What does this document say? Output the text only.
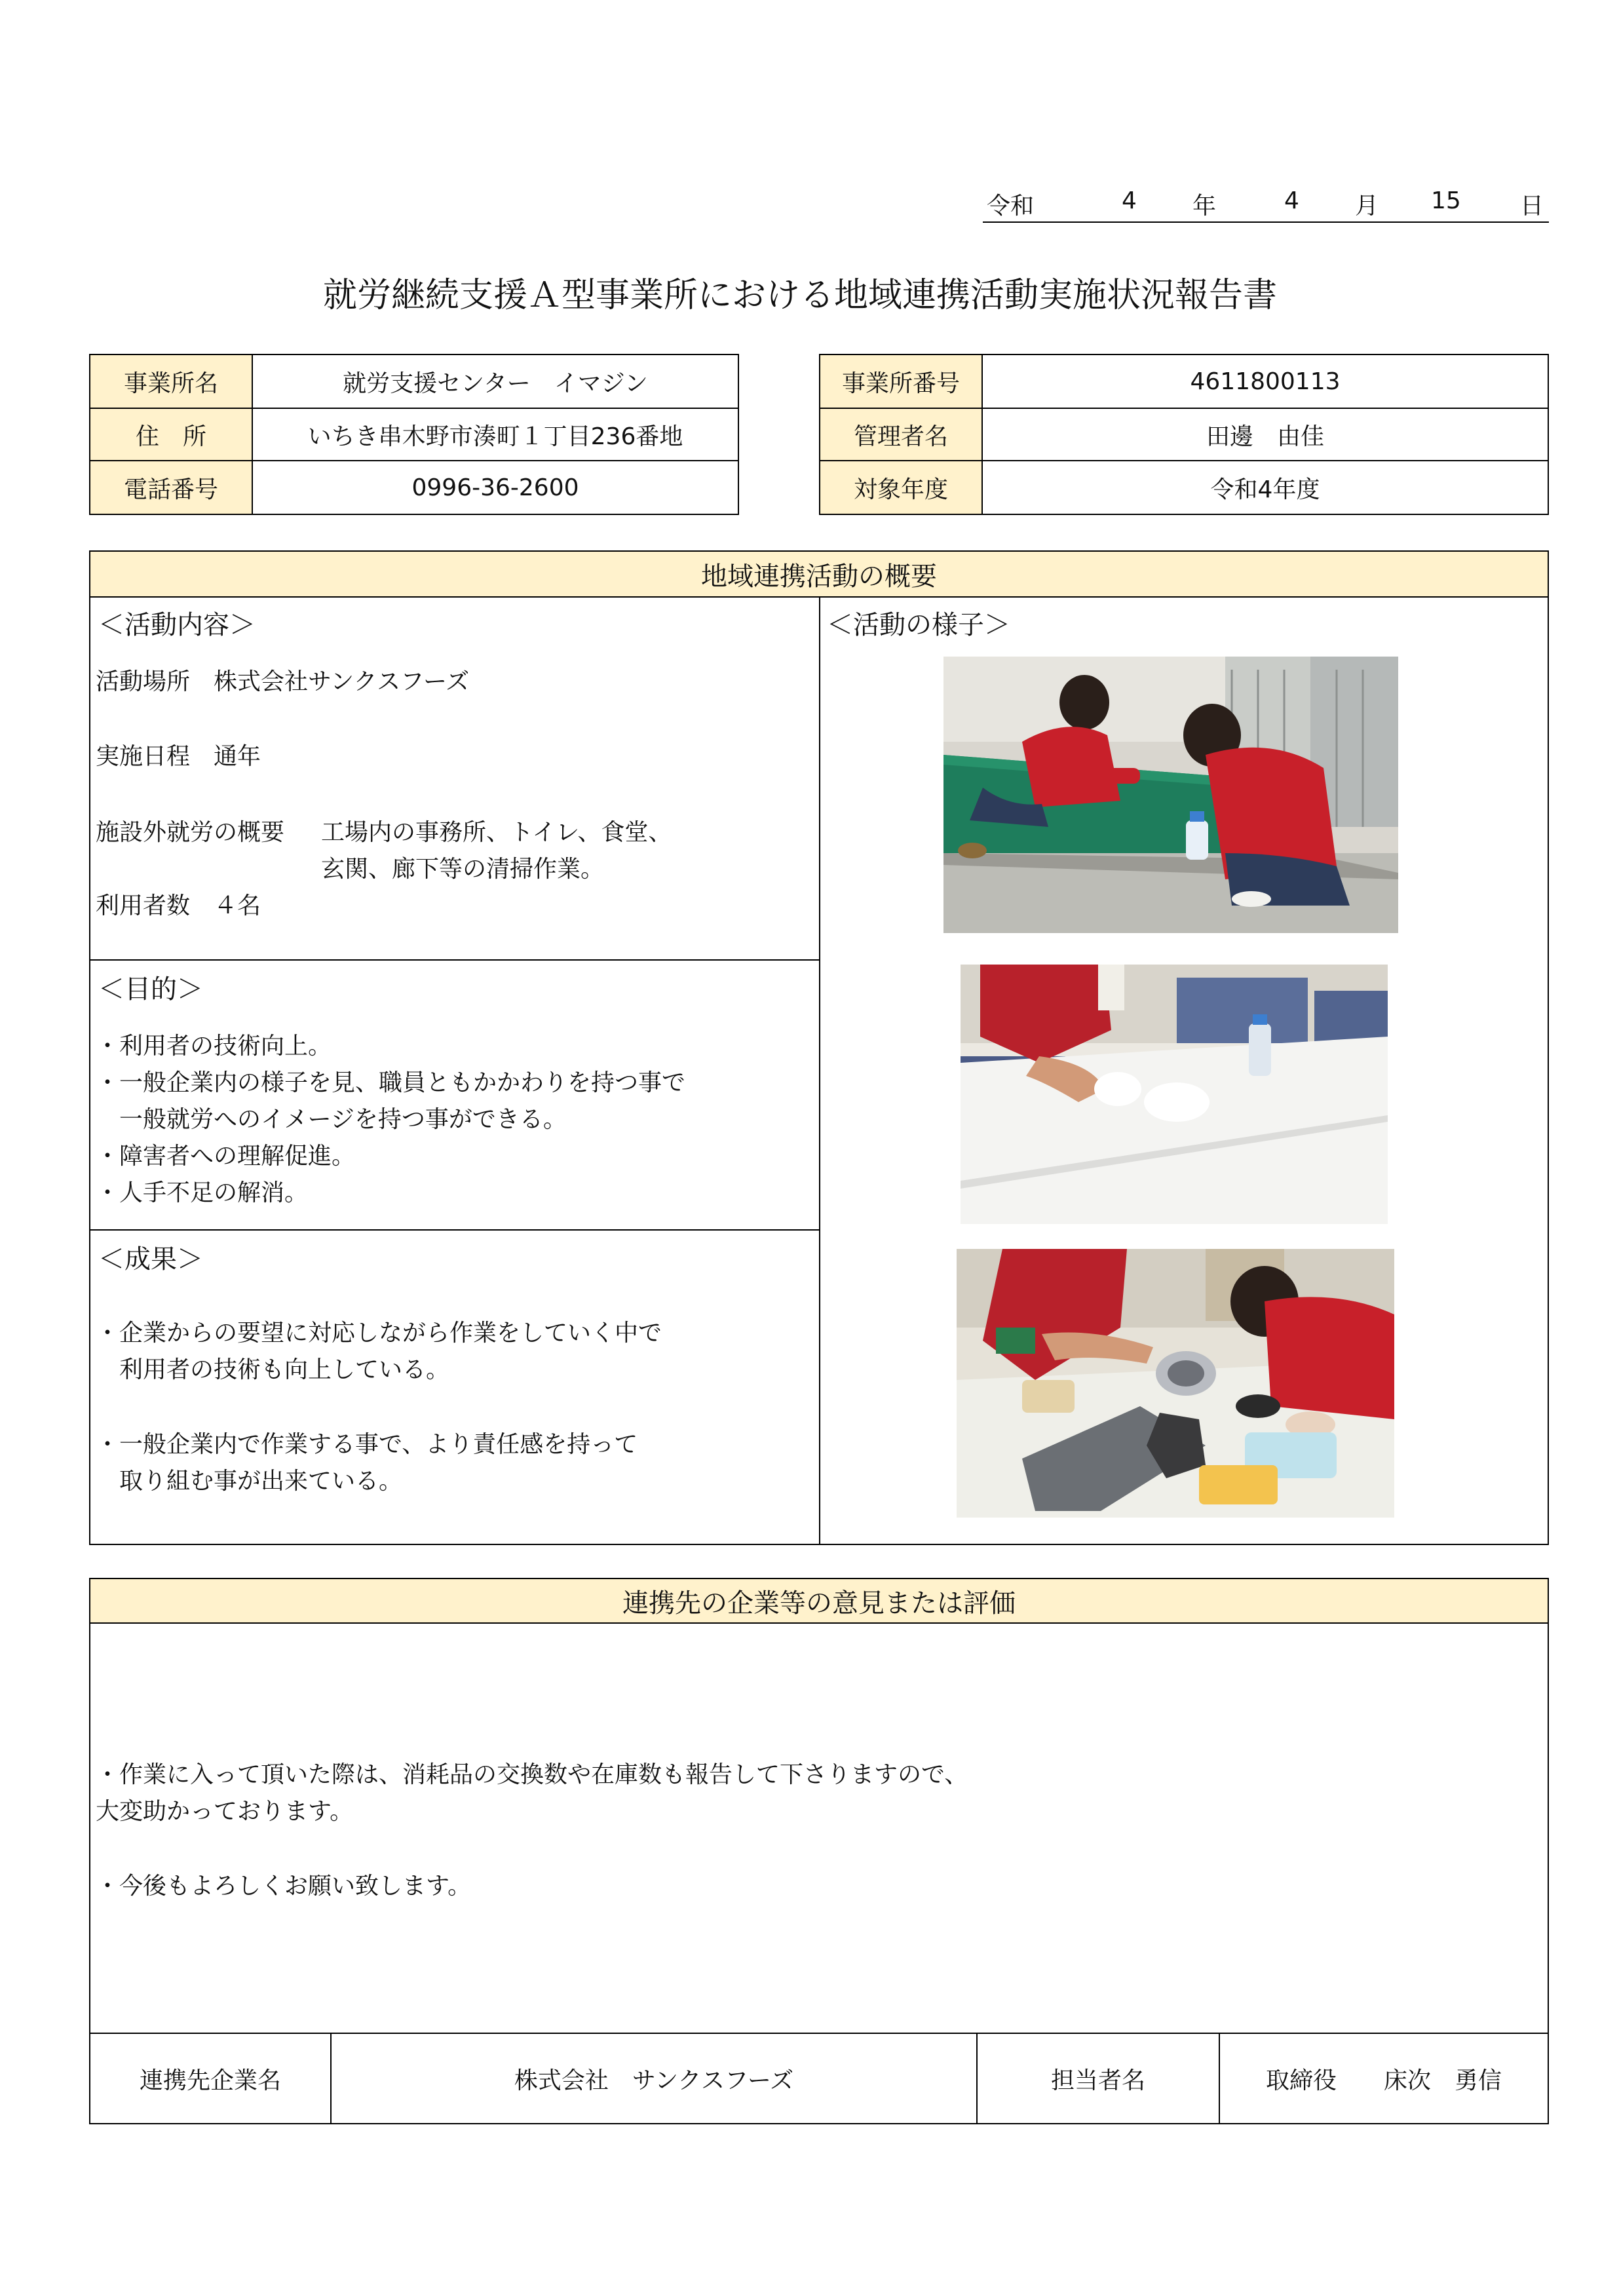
令和	4 年	4 月 15	日
就労継続支援Ａ型事業所における地域連携活動実施状況報告書
事業所名	就労支援センター　イマジン
住　所	いちき串木野市湊町１丁目236番地
電話番号	0996-36-2600
事業所番号	4611800113
管理者名	田邊　由佳
対象年度	令和4年度
地域連携活動の概要
＜活動内容＞
活動場所　株式会社サンクスフーズ
実施日程　通年
施設外就労の概要 工場内の事務所、トイレ、食堂、
玄関、廊下等の清掃作業。
利用者数　４名
＜目的＞
・利用者の技術向上。
・一般企業内の様子を見、職員ともかかわりを持つ事で
　一般就労へのイメージを持つ事ができる。
・障害者への理解促進。
・人手不足の解消。
＜成果＞
・企業からの要望に対応しながら作業をしていく中で
　利用者の技術も向上している。
・一般企業内で作業する事で、より責任感を持って
　取り組む事が出来ている。
＜活動の様子＞
連携先の企業等の意見または評価
・作業に入って頂いた際は、消耗品の交換数や在庫数も報告して下さりますので、
大変助かっております。
・今後もよろしくお願い致します。
連携先企業名	株式会社　サンクスフーズ	担当者名	取締役　　床次　勇信
